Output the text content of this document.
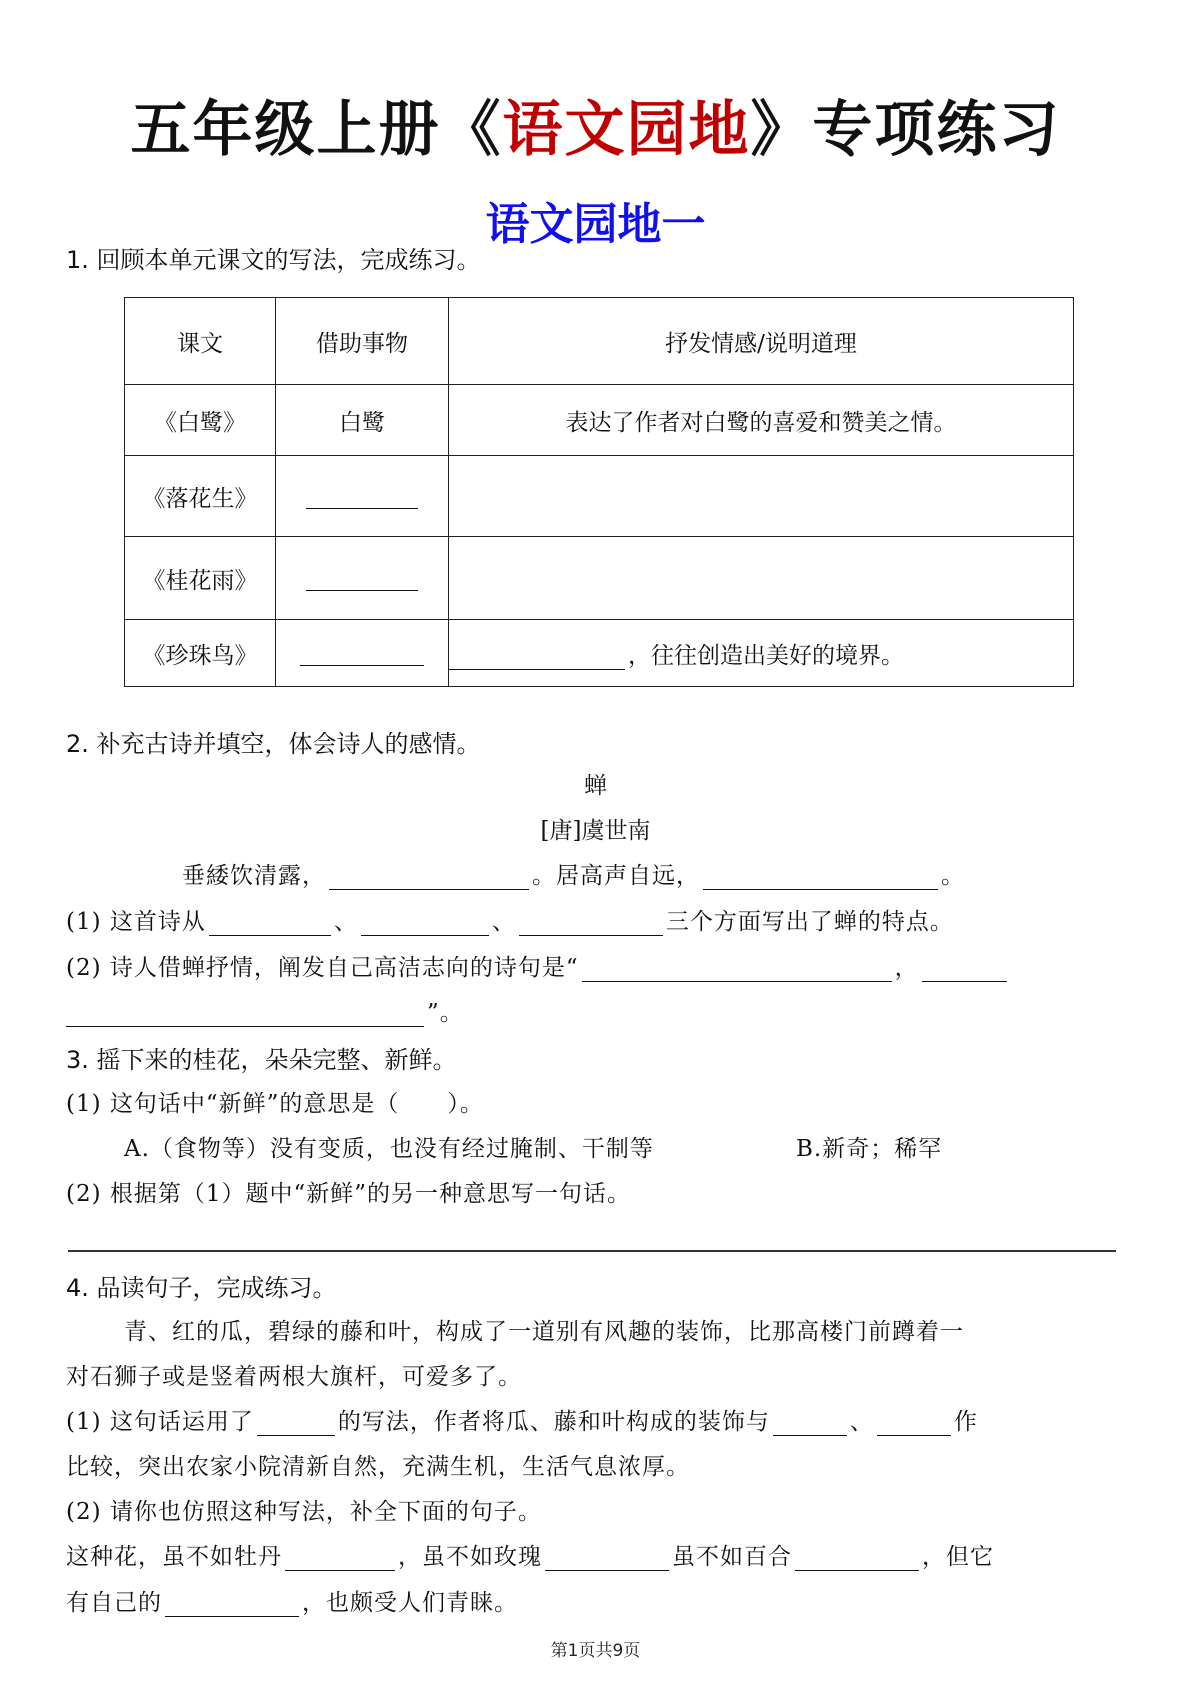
五年级上册《语文园地》专项练习
语文园地一
1. 回顾本单元课文的写法，完成练习。
课文	借助事物	抒发情感/说明道理
《白鹭》	白鹭	表达了作者对白鹭的喜爱和赞美之情。
《落花生》		
《桂花雨》		
《珍珠鸟》		，往往创造出美好的境界。
2. 补充古诗并填空，体会诗人的感情。
蝉
[唐]虞世南
垂緌饮清露，	。居高声自远，	。
(1) 这首诗从	、	、	三个方面写出了蝉的特点。
(2) 诗人借蝉抒情，阐发自己高洁志向的诗句是“	，
”。
3. 摇下来的桂花，朵朵完整、新鲜。
(1) 这句话中“新鲜”的意思是（　　）。
A.（食物等）没有变质，也没有经过腌制、干制等	B.新奇；稀罕
(2) 根据第（1）题中“新鲜”的另一种意思写一句话。
4. 品读句子，完成练习。
青、红的瓜，碧绿的藤和叶，构成了一道别有风趣的装饰，比那高楼门前蹲着一
对石狮子或是竖着两根大旗杆，可爱多了。
(1) 这句话运用了	的写法，作者将瓜、藤和叶构成的装饰与	、	作
比较，突出农家小院清新自然，充满生机，生活气息浓厚。
(2) 请你也仿照这种写法，补全下面的句子。
这种花，虽不如牡丹	，虽不如玫瑰	虽不如百合	，但它
有自己的	，也颇受人们青睐。
第1页共9页
